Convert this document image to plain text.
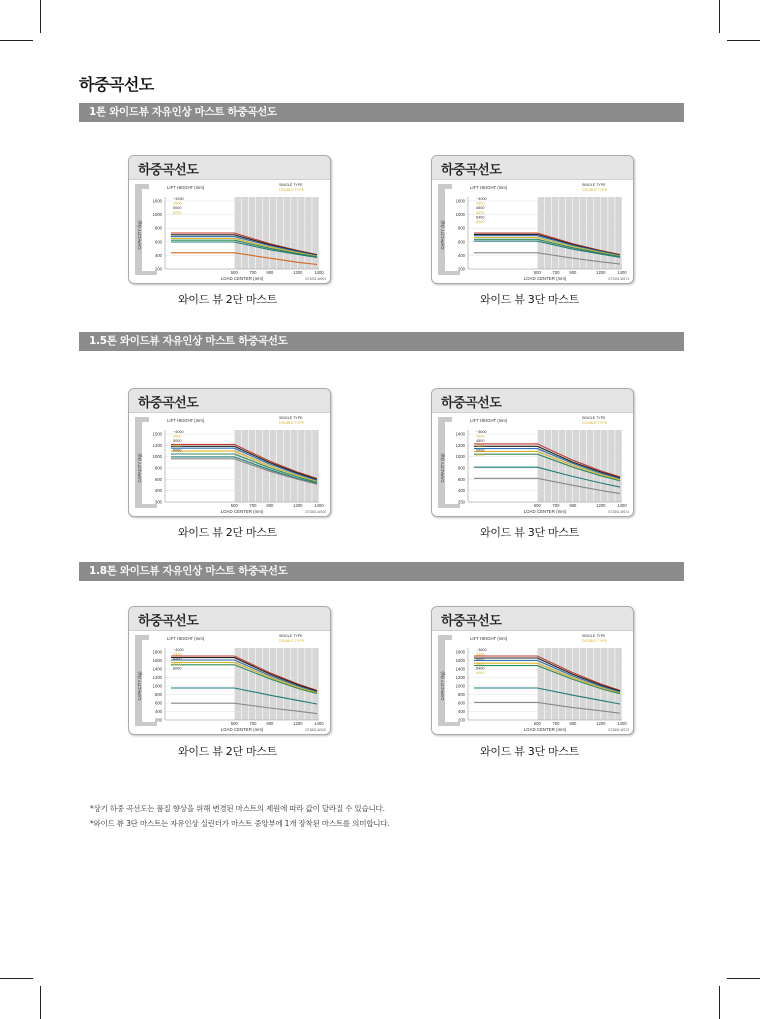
하중곡선도
1톤 와이드뷰 자유인상 마스트 하중곡선도
1.5톤 와이드뷰 자유인상 마스트 하중곡선도
1.8톤 와이드뷰 자유인상 마스트 하중곡선도
하중곡선도
LIFT HEIGHT (mm)	SINGLE TYPE
DOUBLE TYPE
1600
1000
800
600
400
200
500	700 900	1200	1400
LOAD CENTER (mm)
CAPACITY (kg)
GT1001-W001
~4250
4500
5000
6000
와이드 뷰 2단 마스트
하중곡선도
LIFT HEIGHT (mm)	SINGLE TYPE
DOUBLE TYPE
1600
1000
800
600
400
200
500	700 900	1200	1400
LOAD CENTER (mm)
CAPACITY (kg)
GT1001-W174
~4000
4350
4500
4800
5400
6000
와이드 뷰 3단 마스트
하중곡선도
LIFT HEIGHT (mm)	SINGLE TYPE
DOUBLE TYPE
1500
1200
1000
800
600
400
300
500	700 900	1200	1400
LOAD CENTER (mm)
CAPACITY (kg)
GT1501-W100
~4000
4500
5000
5500
6000
와이드 뷰 2단 마스트
하중곡선도
LIFT HEIGHT (mm)	SINGLE TYPE
DOUBLE TYPE
1400
1200
1000
800
600
400
250
500	700 900	1200	1400
LOAD CENTER (mm)
CAPACITY (kg)
GT1501-W174
~3600
4300
4500
4800
5400
6000
와이드 뷰 3단 마스트
하중곡선도
LIFT HEIGHT (mm)	SINGLE TYPE
DOUBLE TYPE
1800
1600
1400
1200
1000
800
600
400
200
500	700 900	1200	1400
LOAD CENTER (mm)
CAPACITY (kg)
GT1801-W100
~4000
4300
4500
5000
6000
와이드 뷰 2단 마스트
하중곡선도
LIFT HEIGHT (mm)	SINGLE TYPE
DOUBLE TYPE
1800
1600
1400
1200
1000
800
600
400
200
500	700 900	1200	1400
LOAD CENTER (mm)
CAPACITY (kg)
GT1801-W174
~3600
4300
4500
4800
5400
6000
와이드 뷰 3단 마스트
*상기 하중 곡선도는 품질 향상을 위해 변경된 마스트의 제원에 따라 값이 달라질 수 있습니다.
*와이드 뷰 3단 마스트는 자유인상 실린더가 마스트 중앙부에 1개 장착된 마스트를 의미합니다.
